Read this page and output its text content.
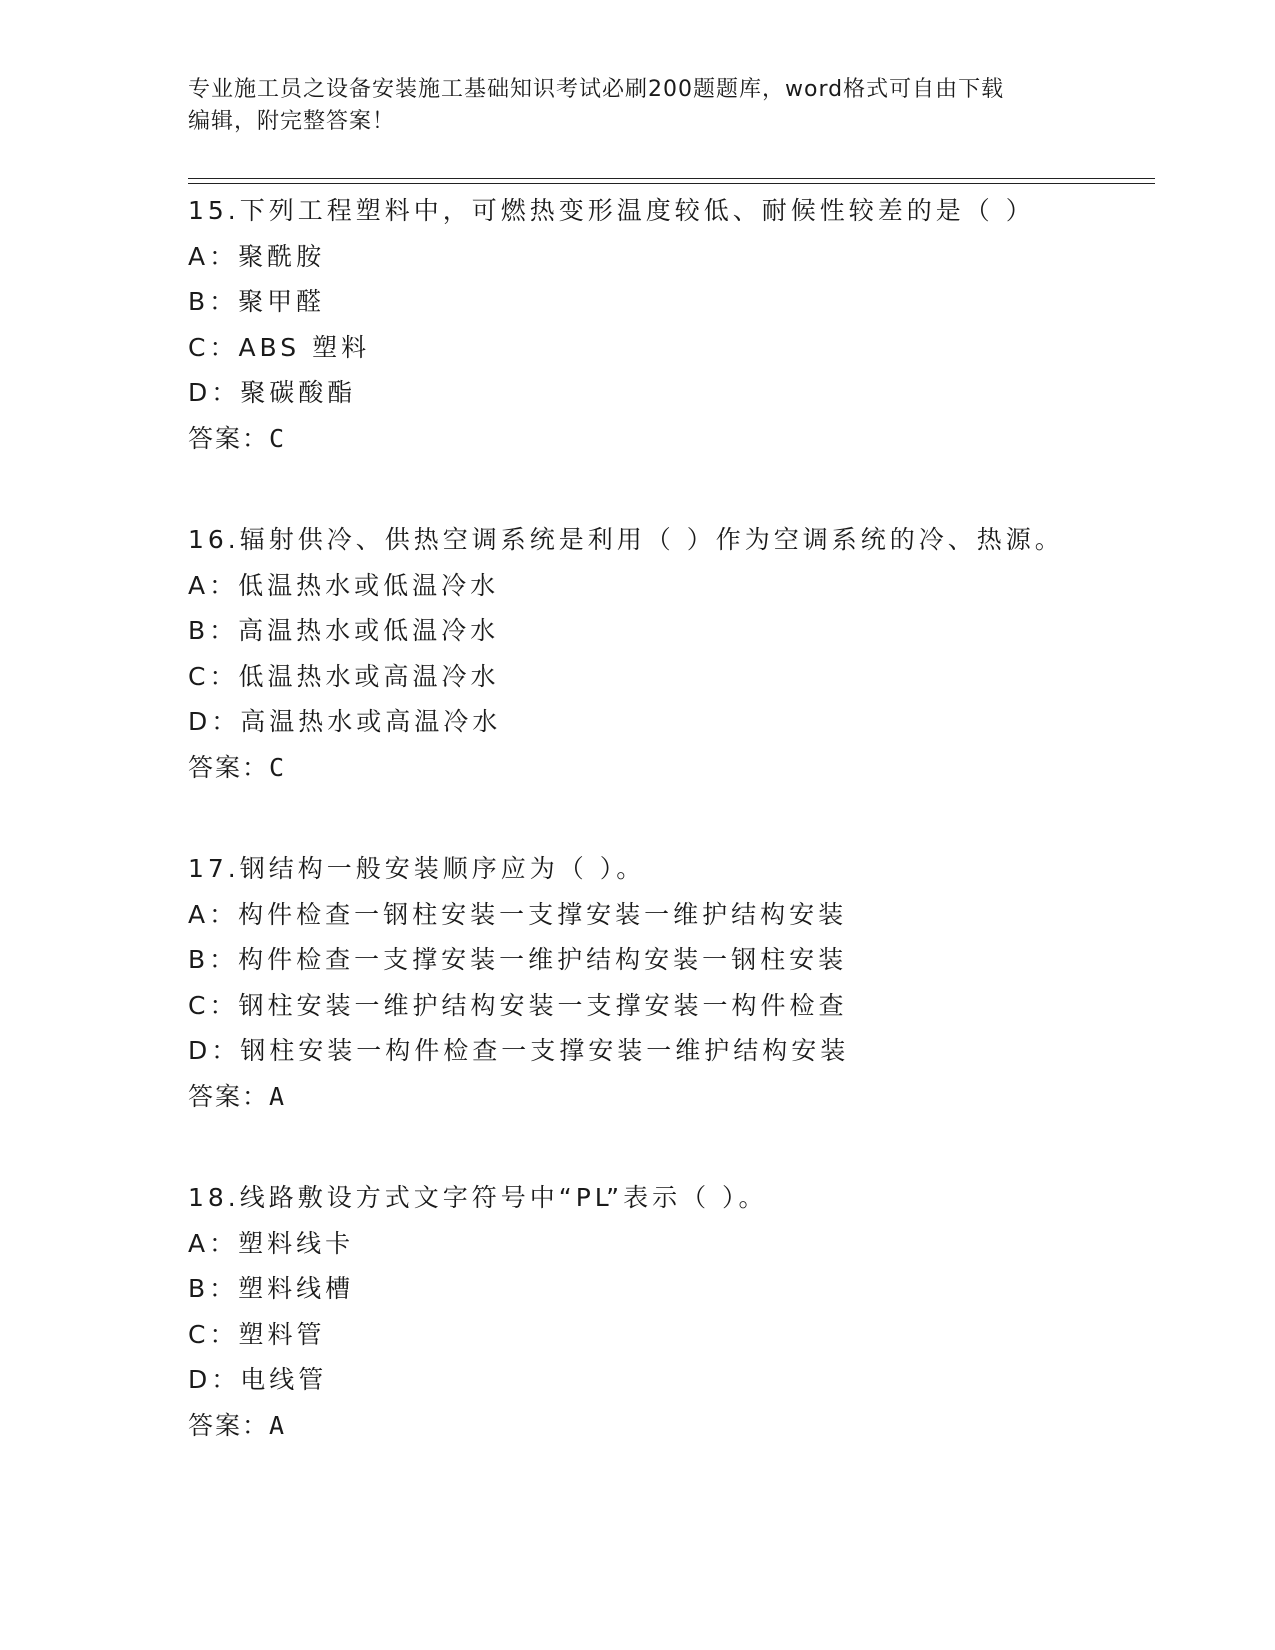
专业施工员之设备安装施工基础知识考试必刷200题题库，word格式可自由下载
编辑，附完整答案！
15.下列工程塑料中，可燃热变形温度较低、耐候性较差的是（ ）
A：聚酰胺
B：聚甲醛
C：ABS 塑料
D：聚碳酸酯
答案：C
16.辐射供冷、供热空调系统是利用（ ）作为空调系统的冷、热源。
A：低温热水或低温冷水
B：高温热水或低温冷水
C：低温热水或高温冷水
D：高温热水或高温冷水
答案：C
17.钢结构一般安装顺序应为（ ）。
A：构件检查一钢柱安装一支撑安装一维护结构安装
B：构件检查一支撑安装一维护结构安装一钢柱安装
C：钢柱安装一维护结构安装一支撑安装一构件检查
D：钢柱安装一构件检查一支撑安装一维护结构安装
答案：A
18.线路敷设方式文字符号中“PL”表示（ ）。
A：塑料线卡
B：塑料线槽
C：塑料管
D：电线管
答案：A
